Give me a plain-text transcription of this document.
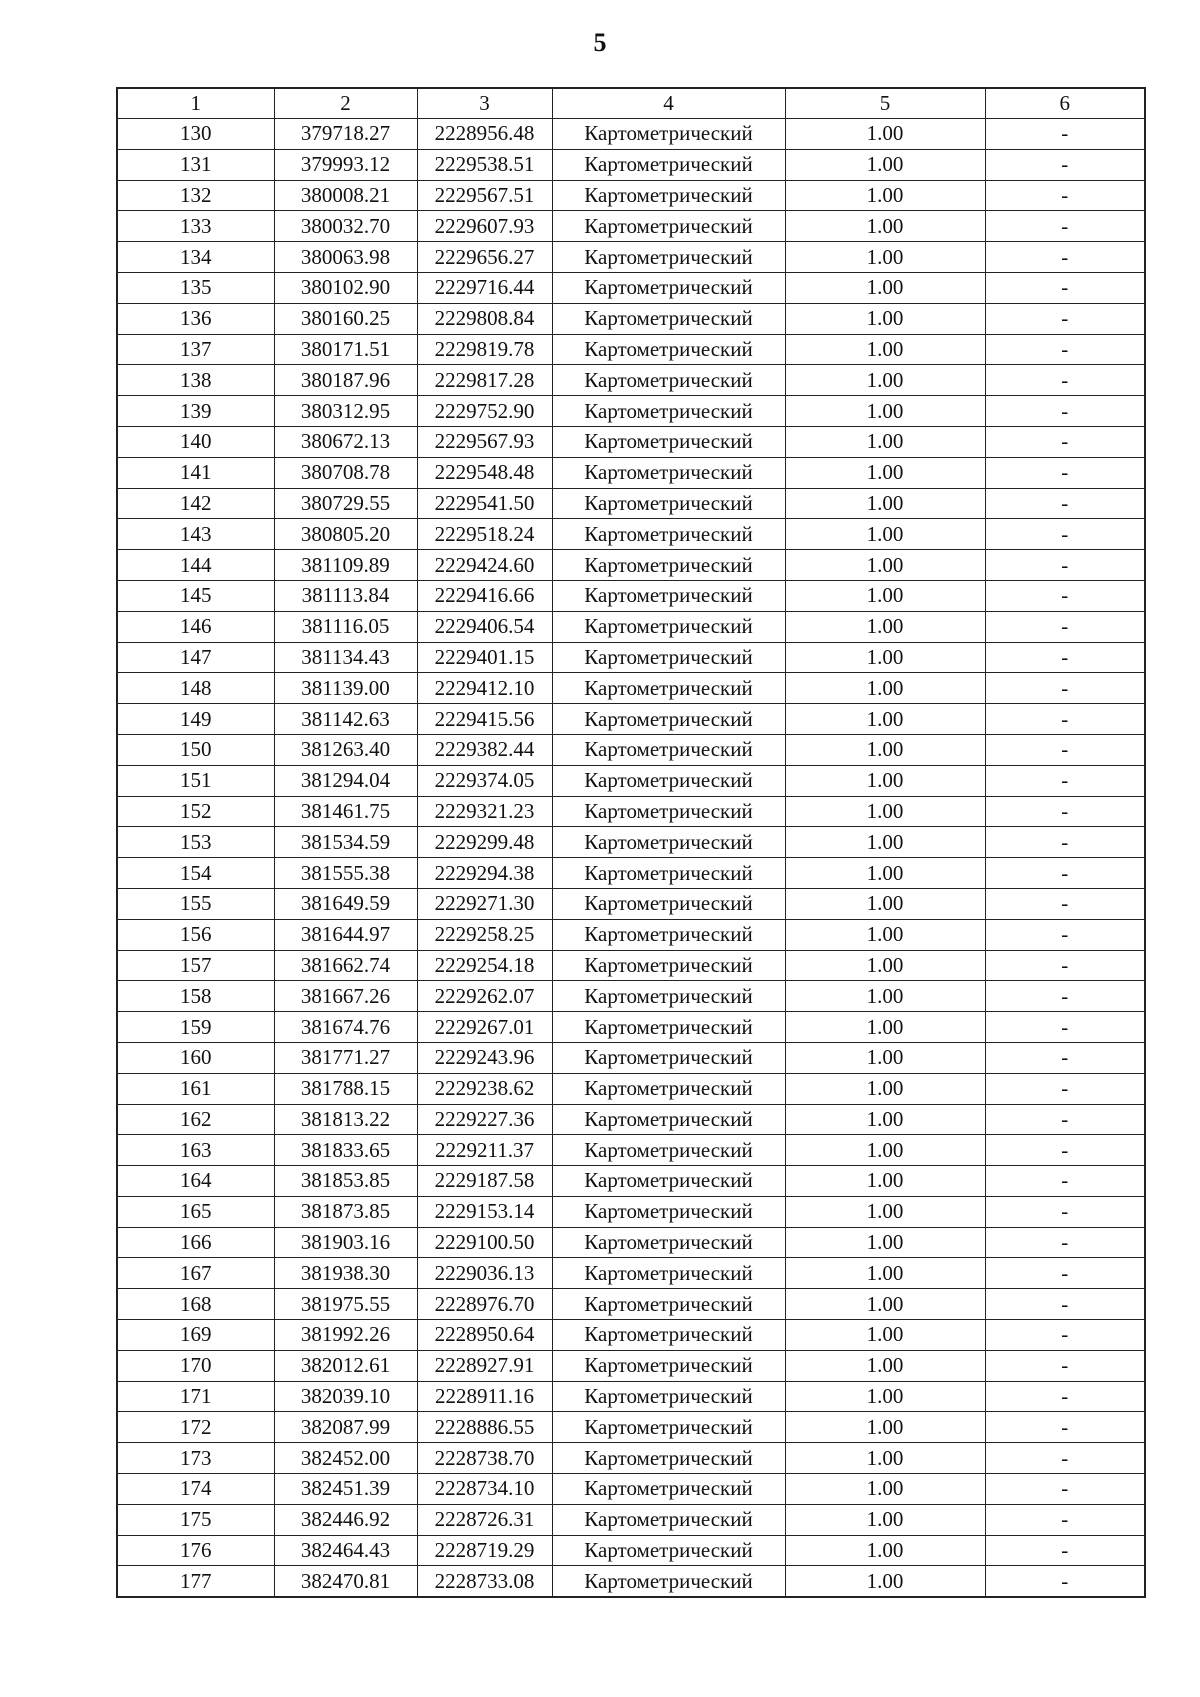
5
1	2	3	4	5	6
130	379718.27	2228956.48	Картометрический	1.00	-
131	379993.12	2229538.51	Картометрический	1.00	-
132	380008.21	2229567.51	Картометрический	1.00	-
133	380032.70	2229607.93	Картометрический	1.00	-
134	380063.98	2229656.27	Картометрический	1.00	-
135	380102.90	2229716.44	Картометрический	1.00	-
136	380160.25	2229808.84	Картометрический	1.00	-
137	380171.51	2229819.78	Картометрический	1.00	-
138	380187.96	2229817.28	Картометрический	1.00	-
139	380312.95	2229752.90	Картометрический	1.00	-
140	380672.13	2229567.93	Картометрический	1.00	-
141	380708.78	2229548.48	Картометрический	1.00	-
142	380729.55	2229541.50	Картометрический	1.00	-
143	380805.20	2229518.24	Картометрический	1.00	-
144	381109.89	2229424.60	Картометрический	1.00	-
145	381113.84	2229416.66	Картометрический	1.00	-
146	381116.05	2229406.54	Картометрический	1.00	-
147	381134.43	2229401.15	Картометрический	1.00	-
148	381139.00	2229412.10	Картометрический	1.00	-
149	381142.63	2229415.56	Картометрический	1.00	-
150	381263.40	2229382.44	Картометрический	1.00	-
151	381294.04	2229374.05	Картометрический	1.00	-
152	381461.75	2229321.23	Картометрический	1.00	-
153	381534.59	2229299.48	Картометрический	1.00	-
154	381555.38	2229294.38	Картометрический	1.00	-
155	381649.59	2229271.30	Картометрический	1.00	-
156	381644.97	2229258.25	Картометрический	1.00	-
157	381662.74	2229254.18	Картометрический	1.00	-
158	381667.26	2229262.07	Картометрический	1.00	-
159	381674.76	2229267.01	Картометрический	1.00	-
160	381771.27	2229243.96	Картометрический	1.00	-
161	381788.15	2229238.62	Картометрический	1.00	-
162	381813.22	2229227.36	Картометрический	1.00	-
163	381833.65	2229211.37	Картометрический	1.00	-
164	381853.85	2229187.58	Картометрический	1.00	-
165	381873.85	2229153.14	Картометрический	1.00	-
166	381903.16	2229100.50	Картометрический	1.00	-
167	381938.30	2229036.13	Картометрический	1.00	-
168	381975.55	2228976.70	Картометрический	1.00	-
169	381992.26	2228950.64	Картометрический	1.00	-
170	382012.61	2228927.91	Картометрический	1.00	-
171	382039.10	2228911.16	Картометрический	1.00	-
172	382087.99	2228886.55	Картометрический	1.00	-
173	382452.00	2228738.70	Картометрический	1.00	-
174	382451.39	2228734.10	Картометрический	1.00	-
175	382446.92	2228726.31	Картометрический	1.00	-
176	382464.43	2228719.29	Картометрический	1.00	-
177	382470.81	2228733.08	Картометрический	1.00	-
